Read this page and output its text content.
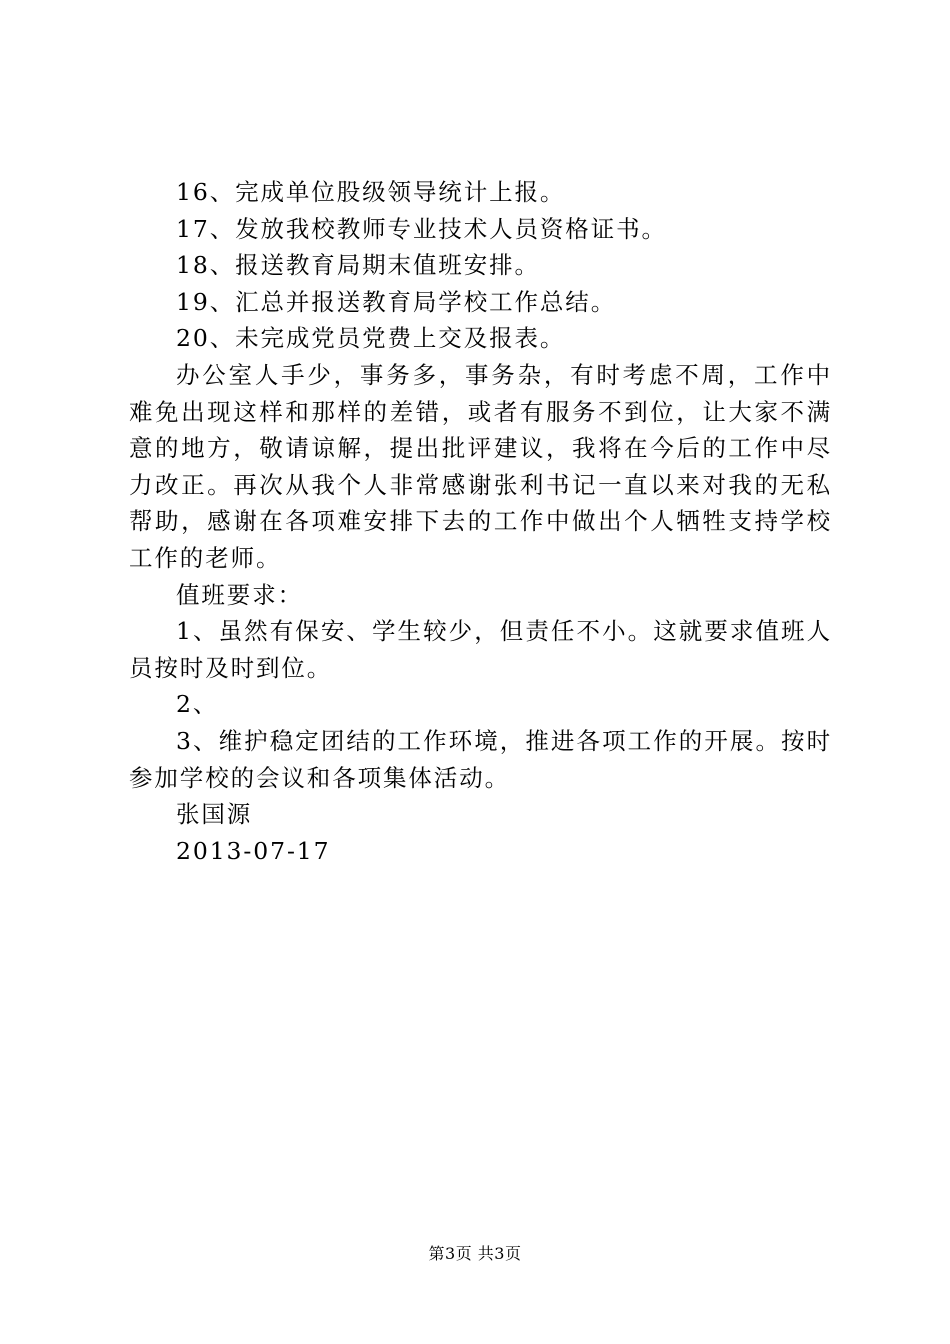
16、完成单位股级领导统计上报。

17、发放我校教师专业技术人员资格证书。

18、报送教育局期末值班安排。

19、汇总并报送教育局学校工作总结。

20、未完成党员党费上交及报表。

办公室人手少，事务多，事务杂，有时考虑不周，工作中难免出现这样和那样的差错，或者有服务不到位，让大家不满意的地方，敬请谅解，提出批评建议，我将在今后的工作中尽力改正。再次从我个人非常感谢张利书记一直以来对我的无私帮助，感谢在各项难安排下去的工作中做出个人牺牲支持学校工作的老师。

值班要求：

1、虽然有保安、学生较少，但责任不小。这就要求值班人员按时及时到位。

2、

3、维护稳定团结的工作环境，推进各项工作的开展。按时参加学校的会议和各项集体活动。

张国源

2013-07-17

第3页 共3页
